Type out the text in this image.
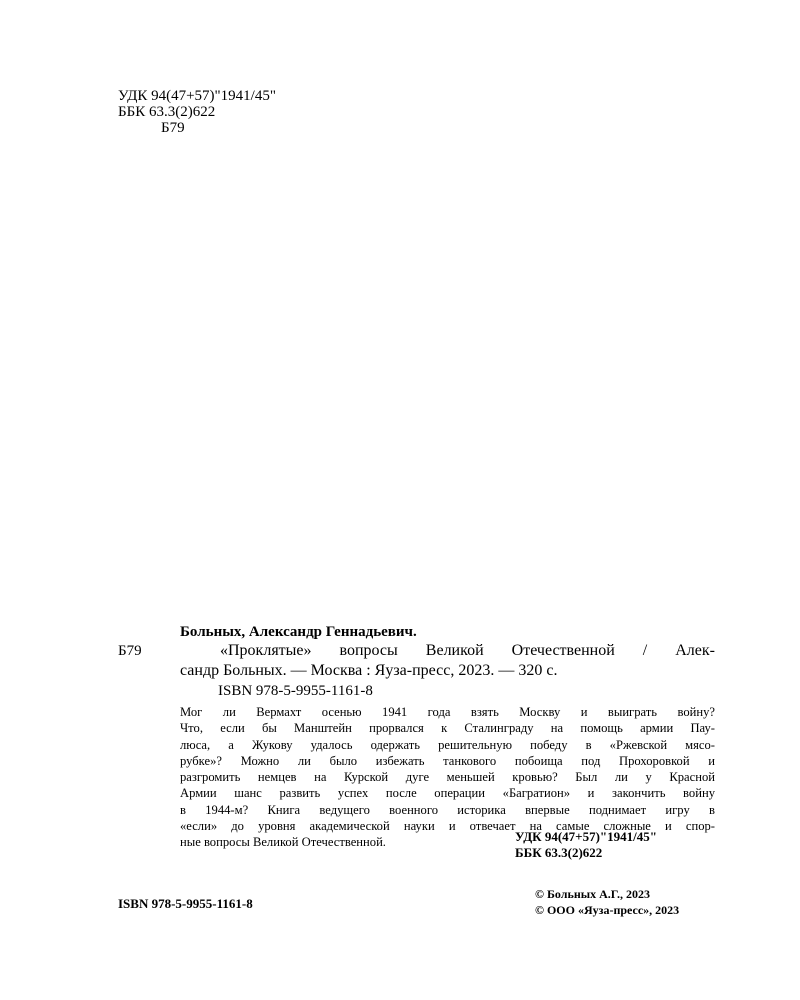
УДК 94(47+57)"1941/45"
ББК 63.3(2)622
Б79
Больных, Александр Геннадьевич.
Б79	«Проклятые» вопросы Великой Отечественной / Алек-
сандр Больных. — Москва : Яуза-пресс, 2023. — 320 с.
ISBN 978-5-9955-1161-8
Мог ли Вермахт осенью 1941 года взять Москву и выиграть войну?
Что, если бы Манштейн прорвался к Сталинграду на помощь армии Пау-
люса, а Жукову удалось одержать решительную победу в «Ржевской мясо-
рубке»? Можно ли было избежать танкового побоища под Прохоровкой и
разгромить немцев на Курской дуге меньшей кровью? Был ли у Красной
Армии шанс развить успех после операции «Багратион» и закончить войну
в 1944-м? Книга ведущего военного историка впервые поднимает игру в
«если» до уровня академической науки и отвечает на самые сложные и спор-
ные вопросы Великой Отечественной.	УДК 94(47+57)"1941/45"
ББК 63.3(2)622
© Больных А.Г., 2023
© ООО «Яуза-пресс», 2023
ISBN 978-5-9955-1161-8
